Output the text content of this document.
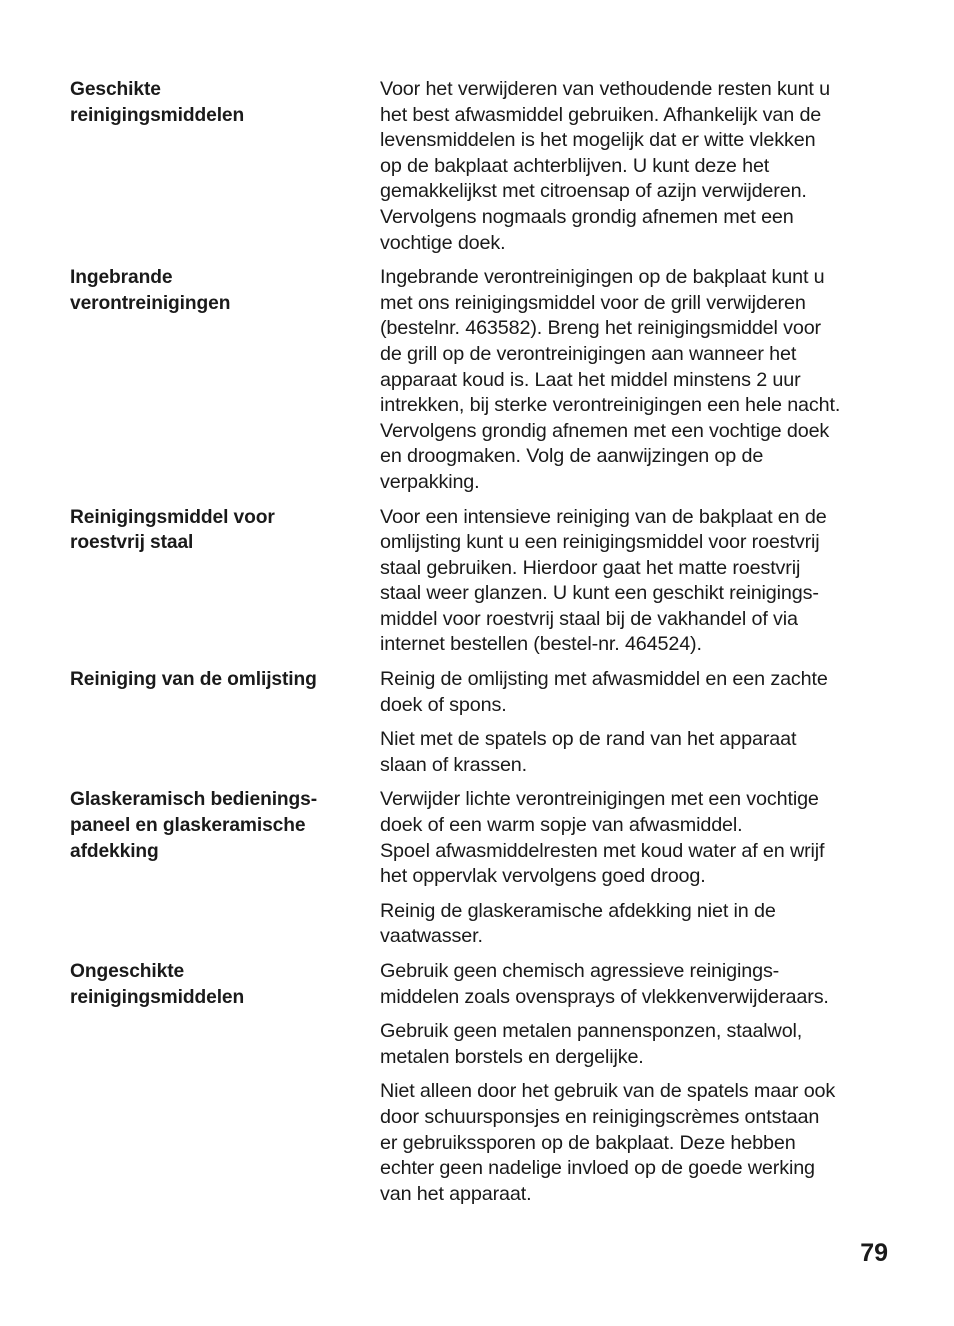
Geschikte
reinigingsmiddelen

Voor het verwijderen van vethoudende resten kunt u
het best afwasmiddel gebruiken. Afhankelijk van de
levensmiddelen is het mogelijk dat er witte vlekken
op de bakplaat achterblijven. U kunt deze het
gemakkelijkst met citroensap of azijn verwijderen.
Vervolgens nogmaals grondig afnemen met een
vochtige doek.

Ingebrande
verontreinigingen

Ingebrande verontreinigingen op de bakplaat kunt u
met ons reinigingsmiddel voor de grill verwijderen
(bestelnr. 463582). Breng het reinigingsmiddel voor
de grill op de verontreinigingen aan wanneer het
apparaat koud is. Laat het middel minstens 2 uur
intrekken, bij sterke verontreinigingen een hele nacht.
Vervolgens grondig afnemen met een vochtige doek
en droogmaken. Volg de aanwijzingen op de
verpakking.

Reinigingsmiddel voor
roestvrij staal

Voor een intensieve reiniging van de bakplaat en de
omlijsting kunt u een reinigingsmiddel voor roestvrij
staal gebruiken. Hierdoor gaat het matte roestvrij
staal weer glanzen. U kunt een geschikt reinigings-
middel voor roestvrij staal bij de vakhandel of via
internet bestellen (bestel-nr. 464524).

Reiniging van de omlijsting	Reinig de omlijsting met afwasmiddel en een zachte
doek of spons.

Niet met de spatels op de rand van het apparaat
slaan of krassen.

Glaskeramisch bedienings-
paneel en glaskeramische
afdekking

Verwijder lichte verontreinigingen met een vochtige
doek of een warm sopje van afwasmiddel.
Spoel afwasmiddelresten met koud water af en wrijf
het oppervlak vervolgens goed droog.

Reinig de glaskeramische afdekking niet in de
vaatwasser.

Ongeschikte
reinigingsmiddelen

Gebruik geen chemisch agressieve reinigings-
middelen zoals ovensprays of vlekkenverwijderaars.

Gebruik geen metalen pannensponzen, staalwol,
metalen borstels en dergelijke.

Niet alleen door het gebruik van de spatels maar ook
door schuursponsjes en reinigingscrèmes ontstaan
er gebruikssporen op de bakplaat. Deze hebben
echter geen nadelige invloed op de goede werking
van het apparaat.

79
